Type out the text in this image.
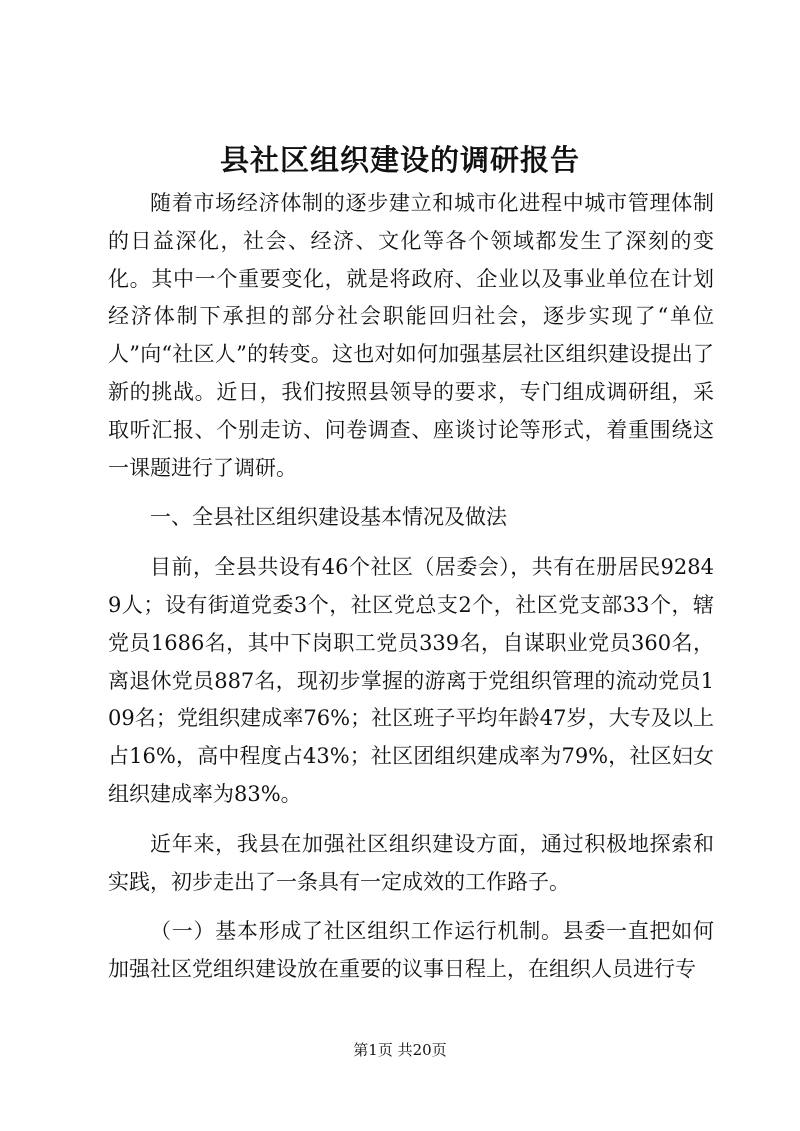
县社区组织建设的调研报告

随着市场经济体制的逐步建立和城市化进程中城市管理体制的日益深化，社会、经济、文化等各个领域都发生了深刻的变化。其中一个重要变化，就是将政府、企业以及事业单位在计划经济体制下承担的部分社会职能回归社会，逐步实现了“单位人”向“社区人”的转变。这也对如何加强基层社区组织建设提出了新的挑战。近日，我们按照县领导的要求，专门组成调研组，采取听汇报、个别走访、问卷调查、座谈讨论等形式，着重围绕这一课题进行了调研。

一、全县社区组织建设基本情况及做法

目前，全县共设有46个社区（居委会），共有在册居民92849人；设有街道党委3个，社区党总支2个，社区党支部33个，辖党员1686名，其中下岗职工党员339名，自谋职业党员360名，离退休党员887名，现初步掌握的游离于党组织管理的流动党员109名；党组织建成率76%；社区班子平均年龄47岁，大专及以上占16%，高中程度占43%；社区团组织建成率为79%，社区妇女组织建成率为83%。

近年来，我县在加强社区组织建设方面，通过积极地探索和实践，初步走出了一条具有一定成效的工作路子。

（一）基本形成了社区组织工作运行机制。县委一直把如何加强社区党组织建设放在重要的议事日程上，在组织人员进行专

第1页 共20页
